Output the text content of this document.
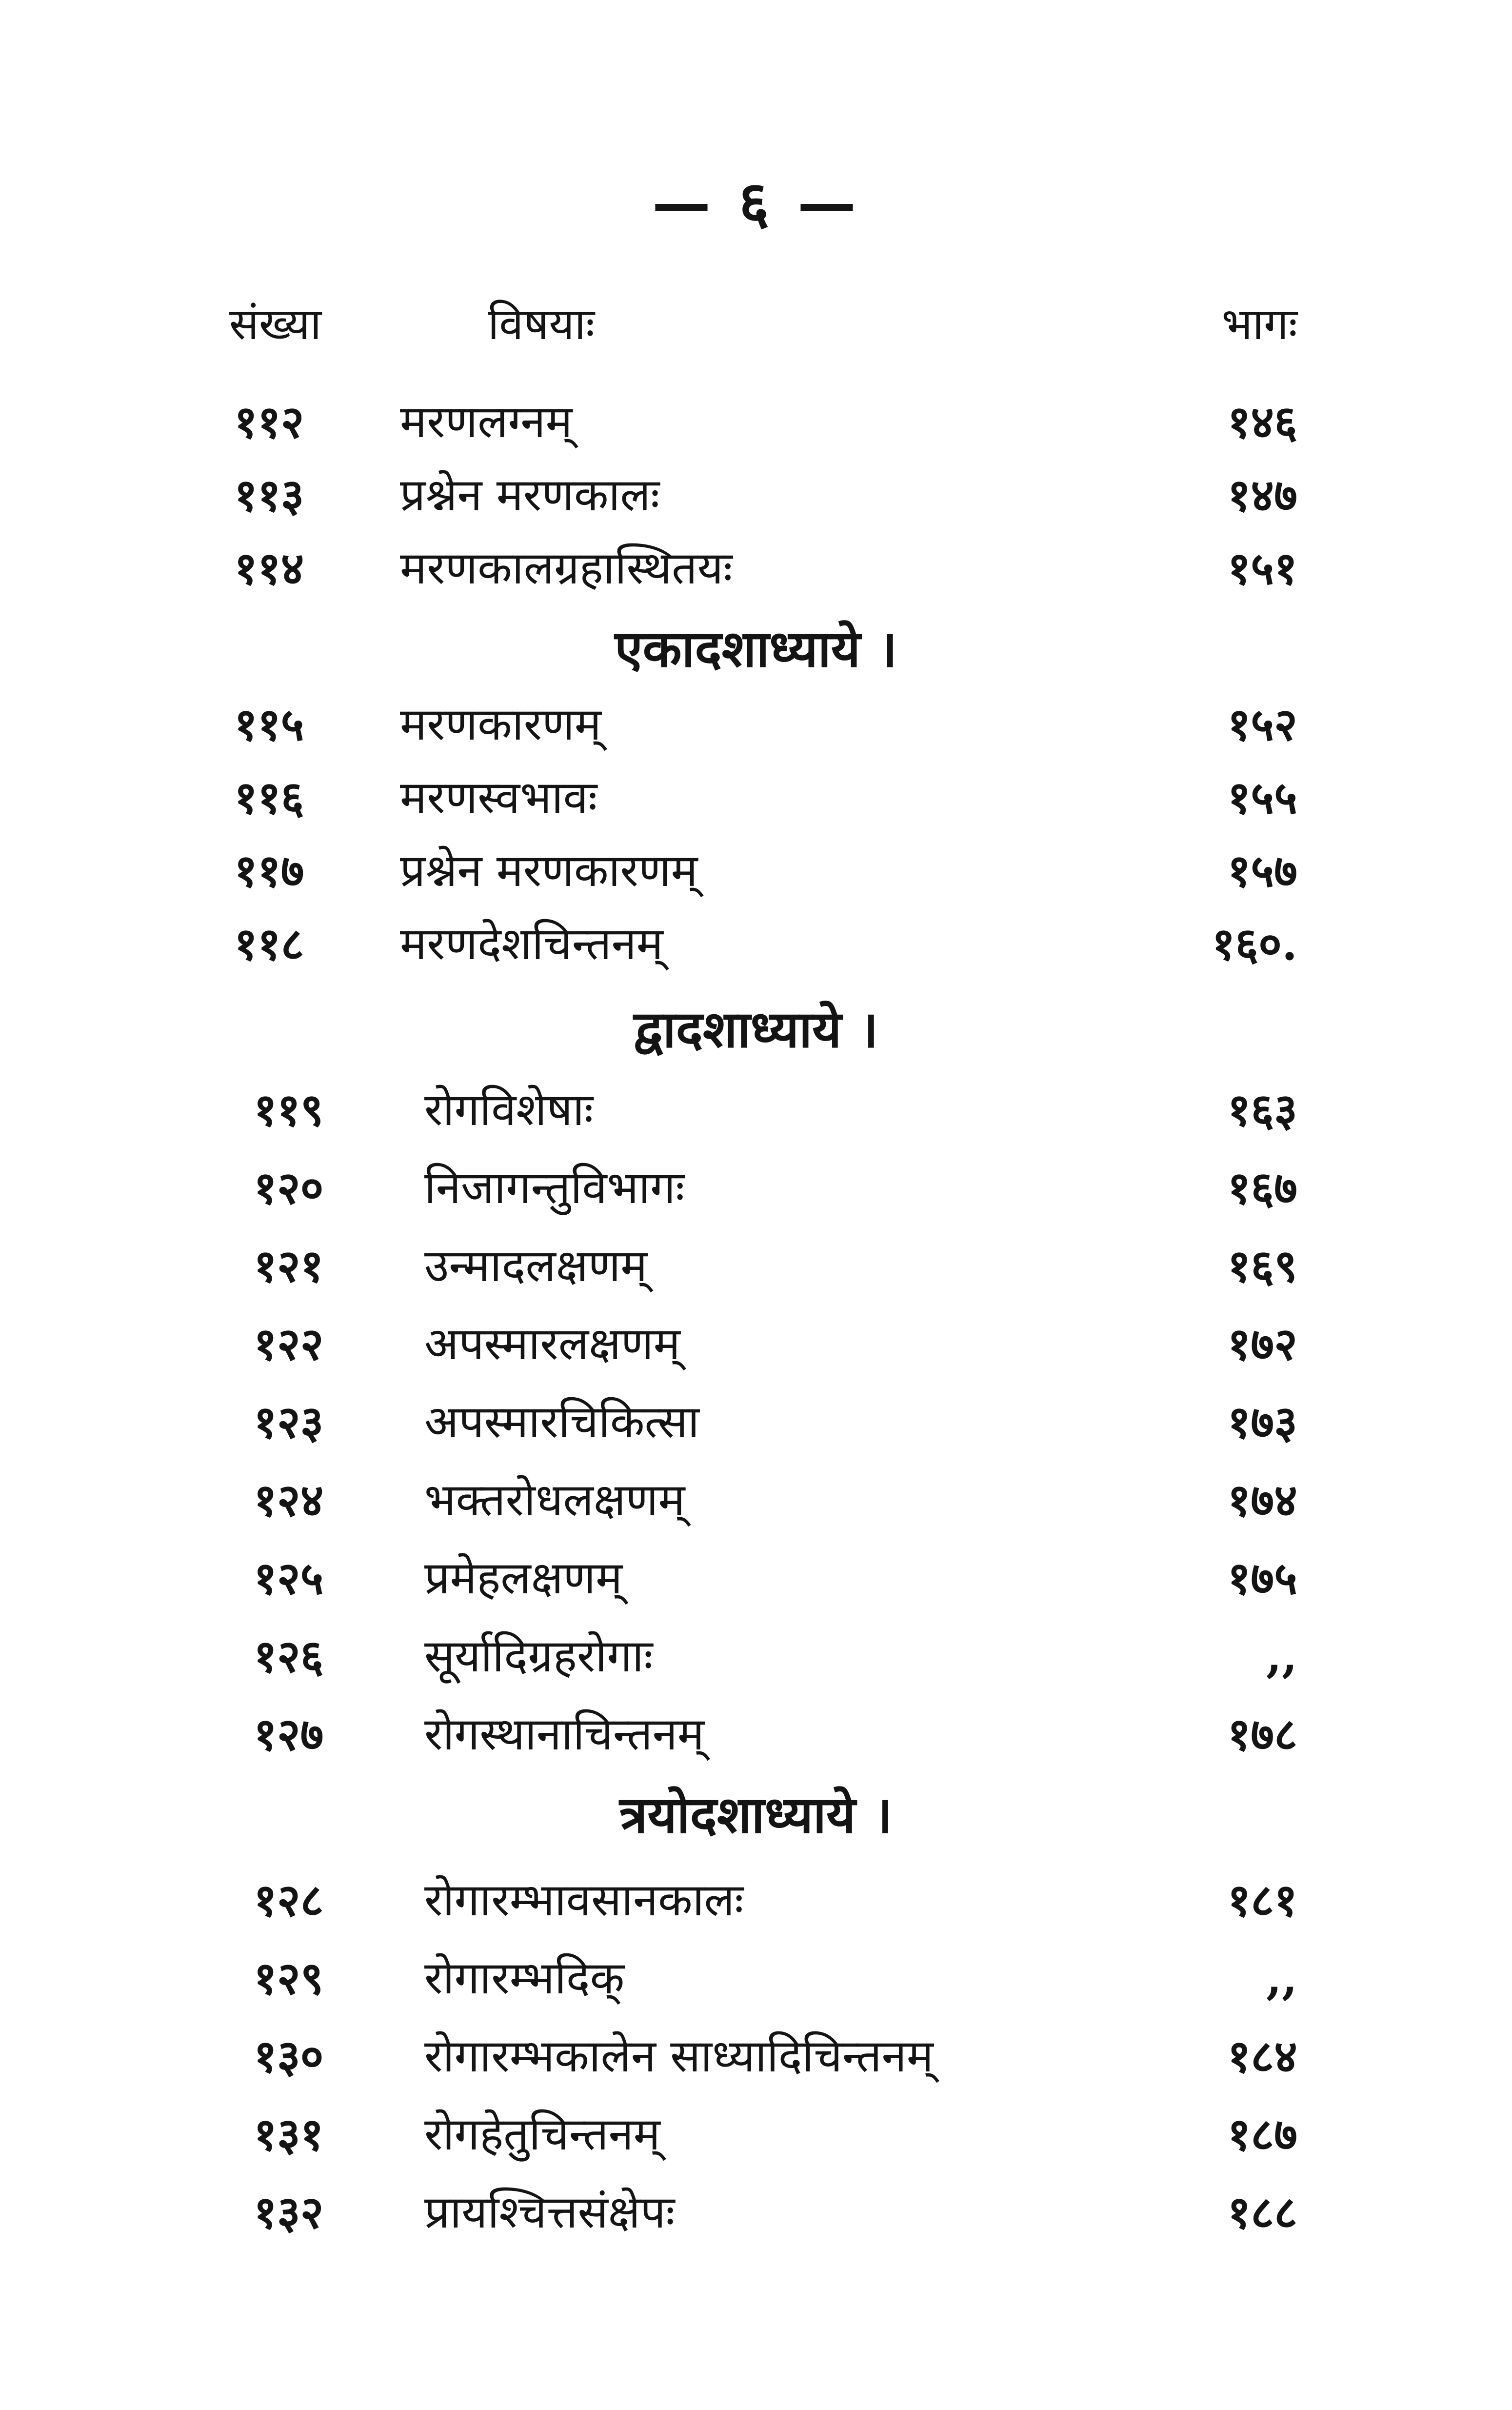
— ६ —
संख्या	विषयाः	भागः
११२ मरणलग्नम्	१४६
११३ प्रश्नेन मरणकालः	१४७
११४ मरणकालग्रहास्थितयः	१५१
एकादशाध्याये ।
११५ मरणकारणम्	१५२
११६ मरणस्वभावः	१५५
११७ प्रश्नेन मरणकारणम्	१५७
११८ मरणदेशचिन्तनम्	१६०.
द्वादशाध्याये ।
११९ रोगविशेषाः	१६३
१२० निजागन्तुविभागः	१६७
१२१ उन्मादलक्षणम्	१६९
१२२ अपस्मारलक्षणम्	१७२
१२३ अपस्मारचिकित्सा	१७३
१२४ भक्तरोधलक्षणम्	१७४
१२५ प्रमेहलक्षणम्	१७५
१२६ सूर्यादिग्रहरोगाः	,,
१२७ रोगस्थानाचिन्तनम्	१७८
त्रयोदशाध्याये ।
१२८ रोगारम्भावसानकालः	१८१
१२९ रोगारम्भदिक्	,,
१३० रोगारम्भकालेन साध्यादिचिन्तनम्	१८४
१३१ रोगहेतुचिन्तनम्	१८७
१३२ प्रायश्चित्तसंक्षेपः	१८८
